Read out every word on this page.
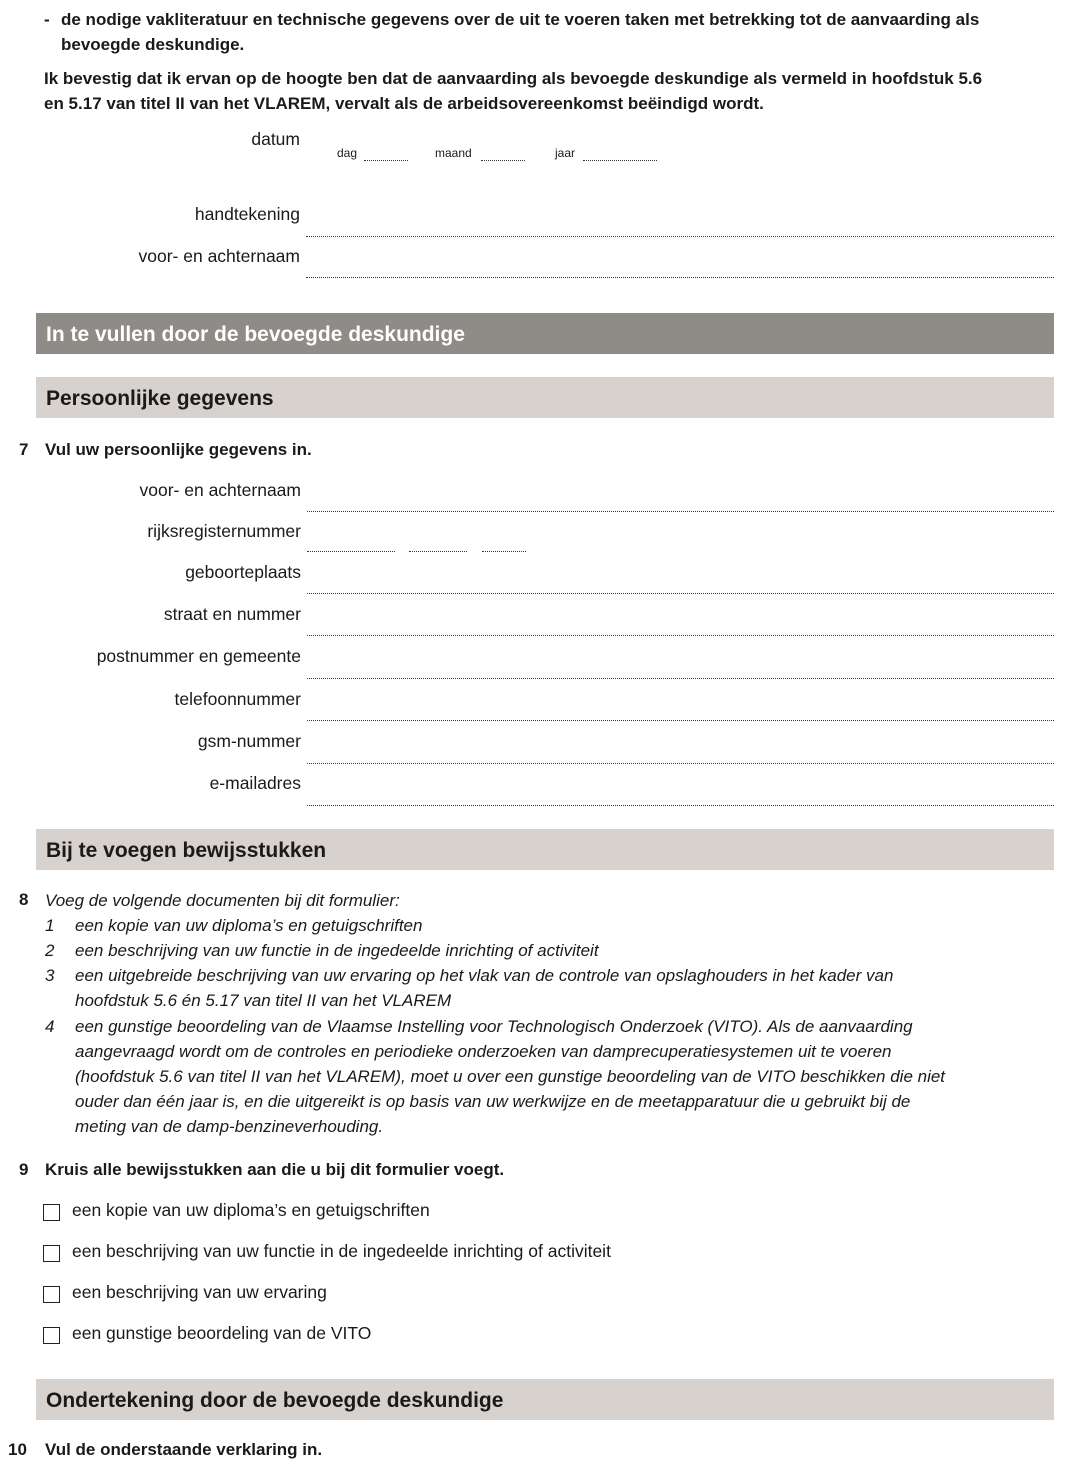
- de nodige vakliteratuur en technische gegevens over de uit te voeren taken met betrekking tot de aanvaarding als
bevoegde deskundige.
Ik bevestig dat ik ervan op de hoogte ben dat de aanvaarding als bevoegde deskundige als vermeld in hoofdstuk 5.6
en 5.17 van titel II van het VLAREM, vervalt als de arbeidsovereenkomst beëindigd wordt.
datum
dag	maand	jaar
handtekening
voor- en achternaam
In te vullen door de bevoegde deskundige
Persoonlijke gegevens
7 Vul uw persoonlijke gegevens in.
voor- en achternaam
rijksregisternummer
geboorteplaats
straat en nummer
postnummer en gemeente
telefoonnummer
gsm-nummer
e-mailadres
Bij te voegen bewijsstukken
8 Voeg de volgende documenten bij dit formulier:
1 een kopie van uw diploma’s en getuigschriften
2 een beschrijving van uw functie in de ingedeelde inrichting of activiteit
3 een uitgebreide beschrijving van uw ervaring op het vlak van de controle van opslaghouders in het kader van
hoofdstuk 5.6 én 5.17 van titel II van het VLAREM
4 een gunstige beoordeling van de Vlaamse Instelling voor Technologisch Onderzoek (VITO). Als de aanvaarding
aangevraagd wordt om de controles en periodieke onderzoeken van damprecuperatiesystemen uit te voeren
(hoofdstuk 5.6 van titel II van het VLAREM), moet u over een gunstige beoordeling van de VITO beschikken die niet
ouder dan één jaar is, en die uitgereikt is op basis van uw werkwijze en de meetapparatuur die u gebruikt bij de
meting van de damp-benzineverhouding.
9 Kruis alle bewijsstukken aan die u bij dit formulier voegt.
een kopie van uw diploma’s en getuigschriften
een beschrijving van uw functie in de ingedeelde inrichting of activiteit
een beschrijving van uw ervaring
een gunstige beoordeling van de VITO
Ondertekening door de bevoegde deskundige
10 Vul de onderstaande verklaring in.
